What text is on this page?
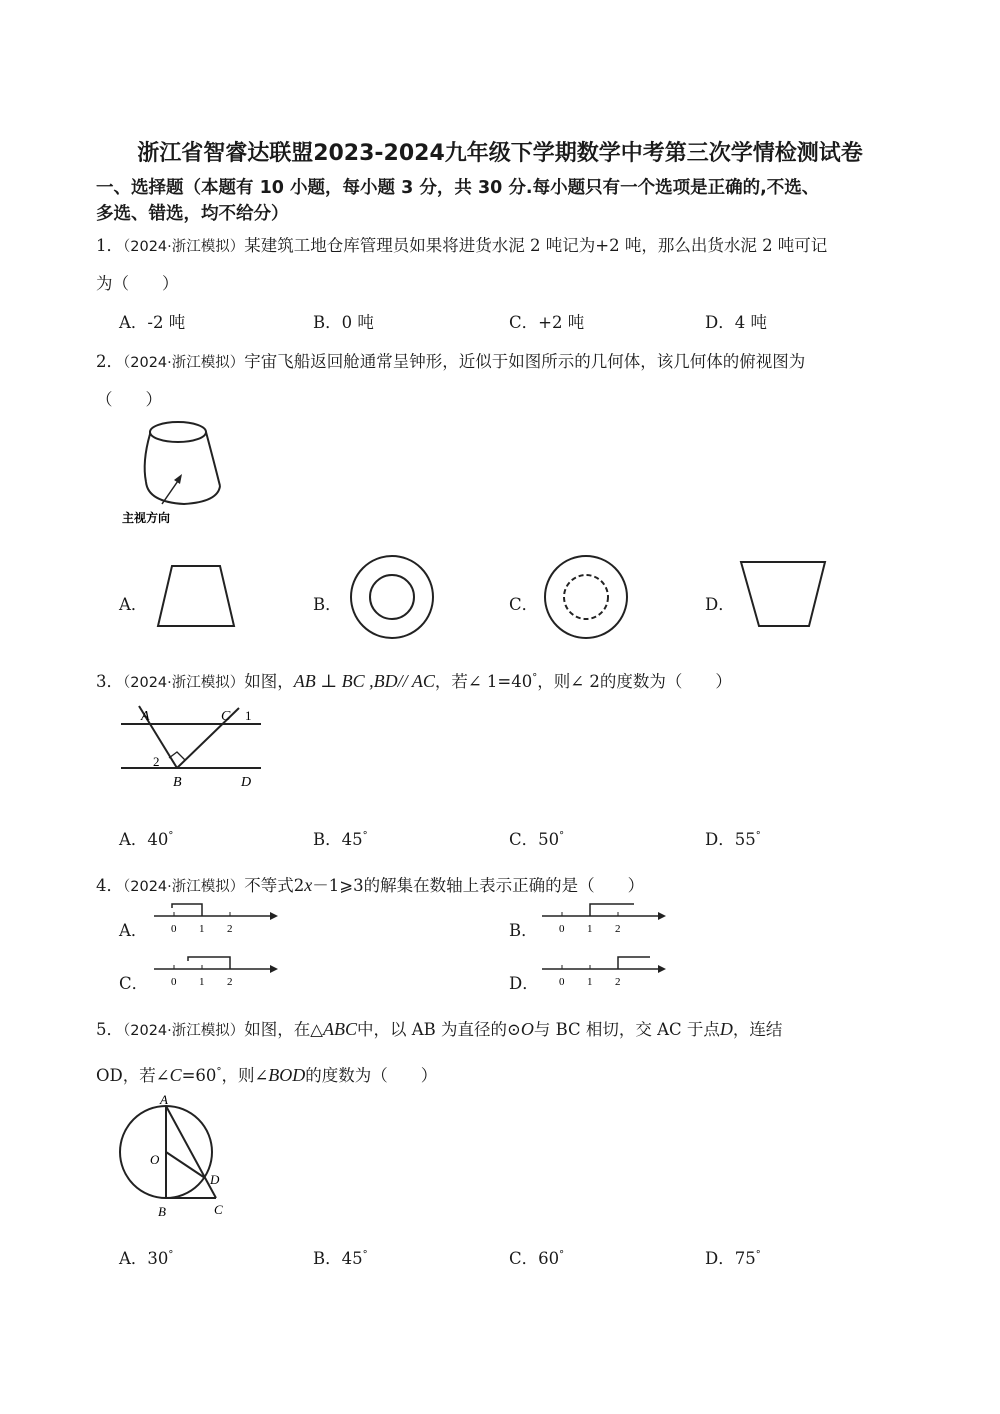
浙江省智睿达联盟2023-2024九年级下学期数学中考第三次学情检测试卷
一、选择题（本题有 10 小题，每小题 3 分，共 30 分.每小题只有一个选项是正确的,不选、
多选、错选，均不给分）
1．（2024·浙江模拟）某建筑工地仓库管理员如果将进货水泥 2 吨记为+2 吨，那么出货水泥 2 吨可记
为（　　）
A．-2 吨	B．0 吨	C．+2 吨	D．4 吨
2．（2024·浙江模拟）宇宙飞船返回舱通常呈钟形，近似于如图所示的几何体，该几何体的俯视图为
（　　）
主视方向
A．	B．	C．	D．
3．（2024·浙江模拟）如图，AB ⊥ BC ,BD// AC，若∠ 1=40°，则∠ 2的度数为（　　）
A	C 1
2
B	D
A．40°	B．45°	C．50°	D．55°
4．（2024·浙江模拟）不等式2x－1⩾3的解集在数轴上表示正确的是（　　）
A． 0 1 2	B． 0 1 2
C． 0 1 2	D． 0 1 2
5．（2024·浙江模拟）如图，在△ABC中，以 AB 为直径的⊙O与 BC 相切，交 AC 于点D，连结
OD，若∠C=60°，则∠BOD的度数为（　　）
A
O
D
B	C
A．30°	B．45°	C．60°	D．75°
